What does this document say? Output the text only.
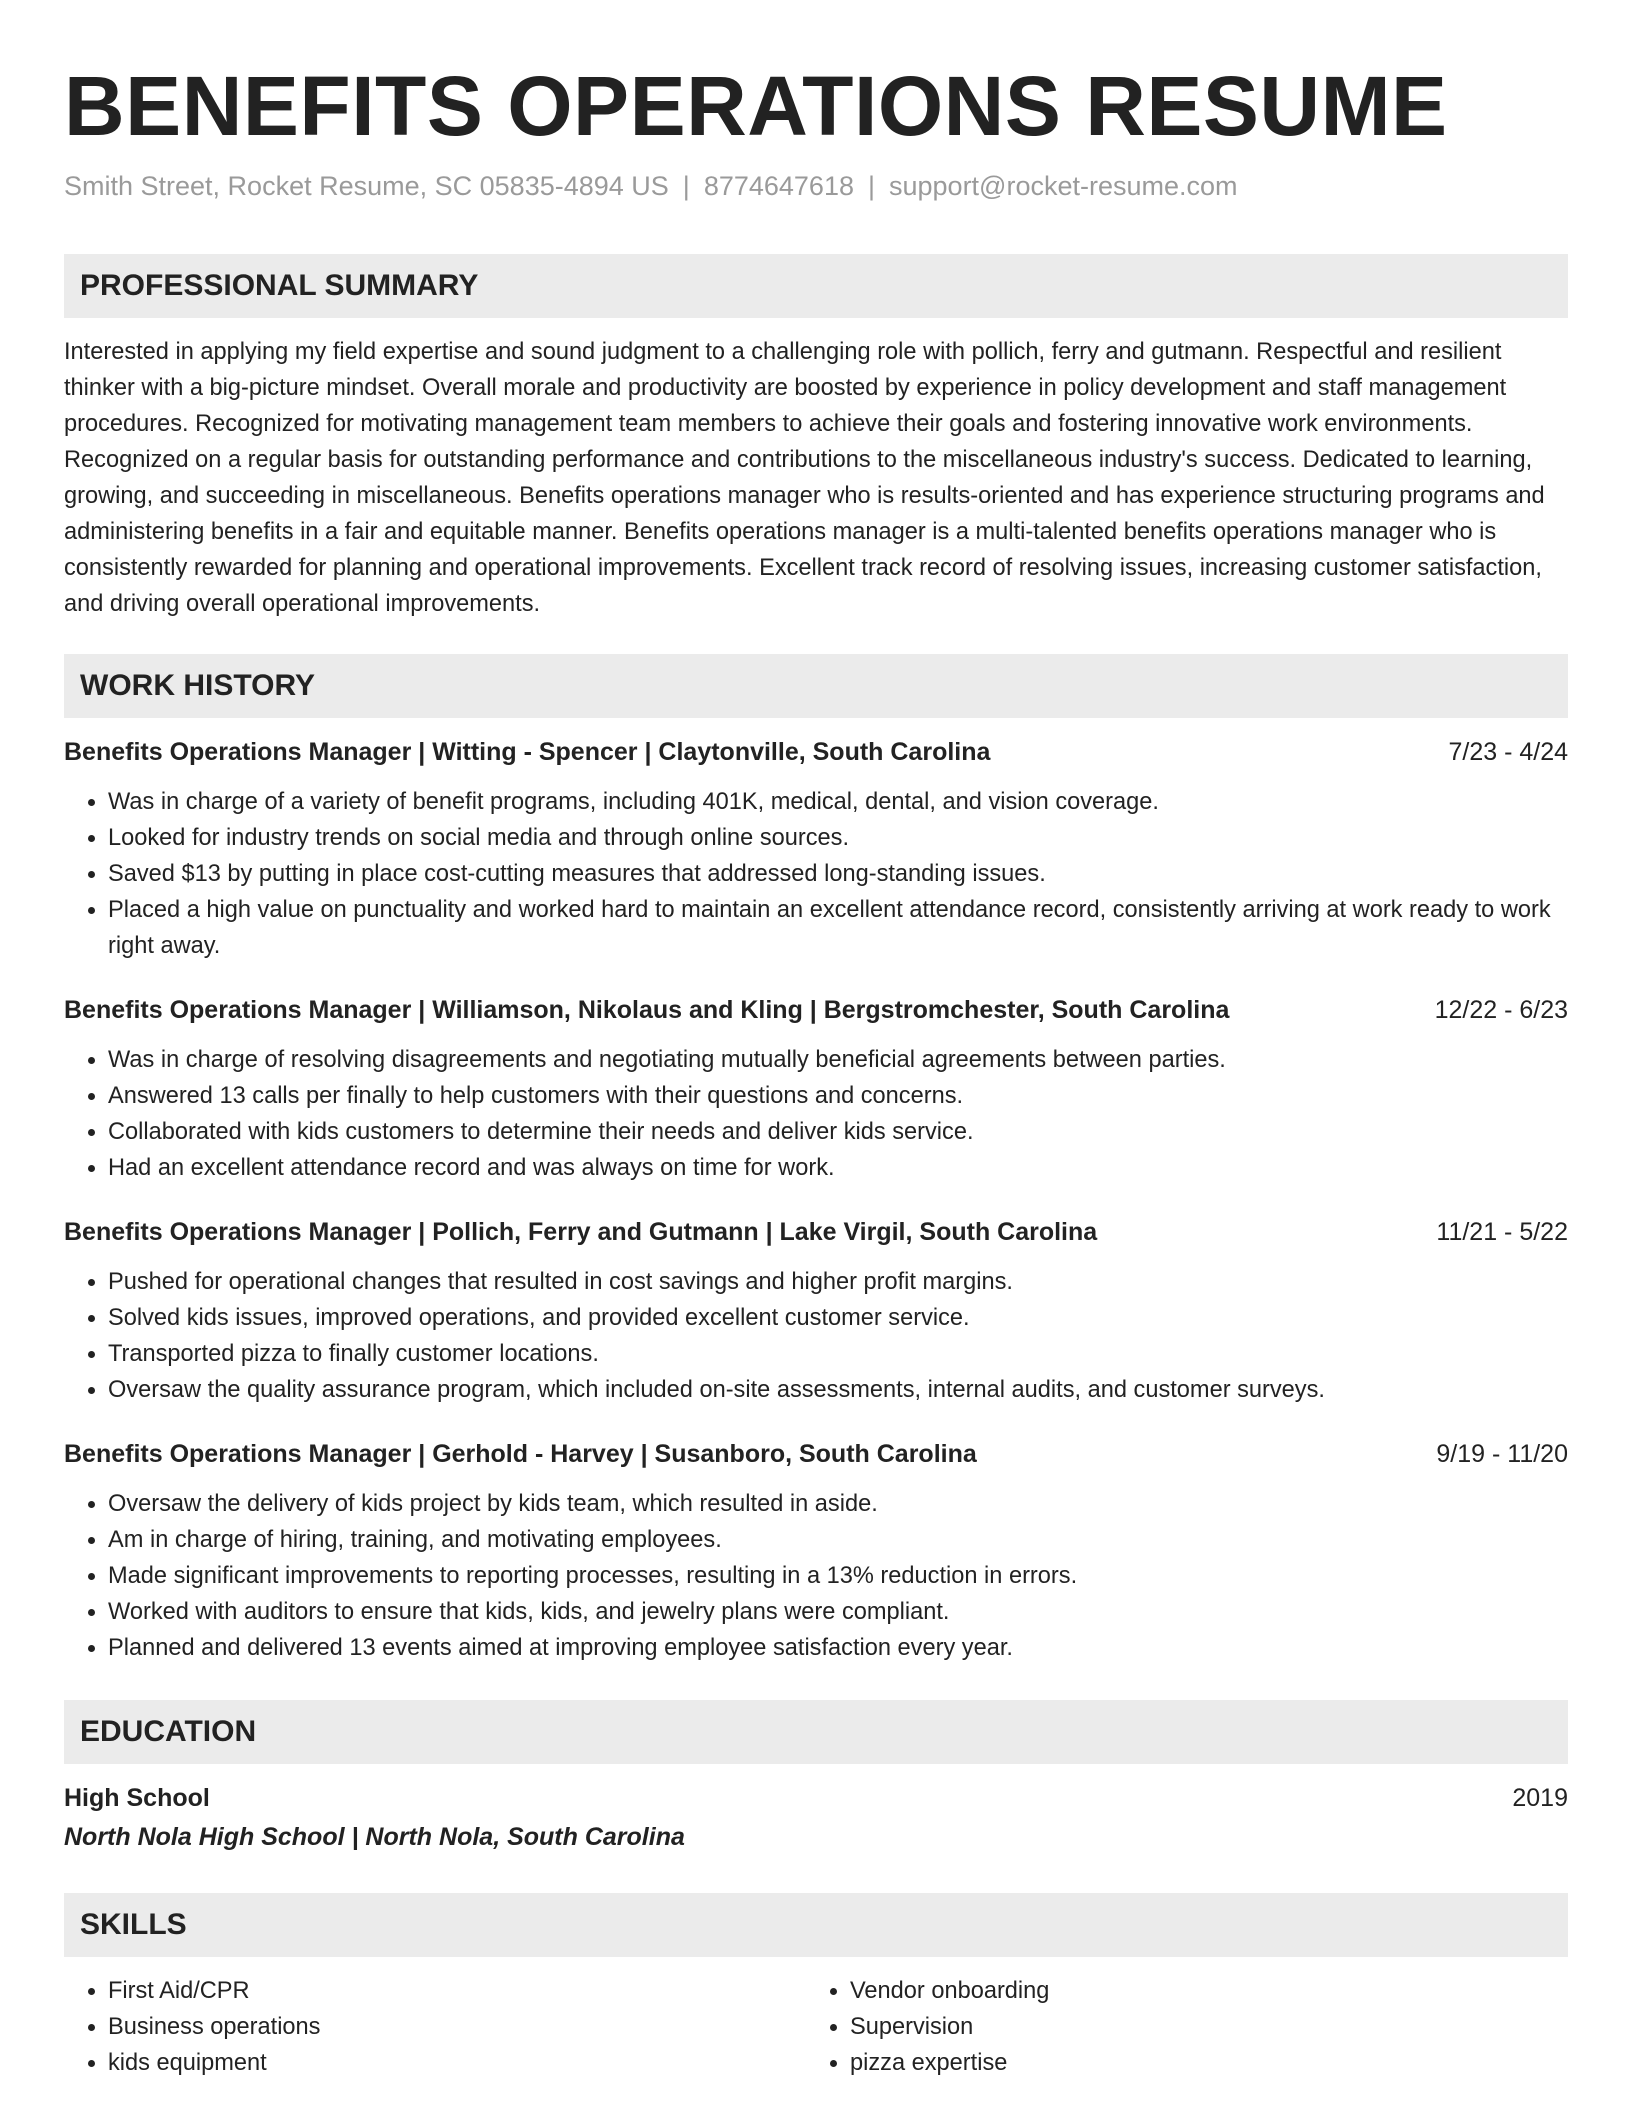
BENEFITS OPERATIONS RESUME
Smith Street, Rocket Resume, SC 05835-4894 US | 8774647618 | support@rocket-resume.com
PROFESSIONAL SUMMARY
Interested in applying my field expertise and sound judgment to a challenging role with pollich, ferry and gutmann. Respectful and resilient thinker with a big-picture mindset. Overall morale and productivity are boosted by experience in policy development and staff management procedures. Recognized for motivating management team members to achieve their goals and fostering innovative work environments. Recognized on a regular basis for outstanding performance and contributions to the miscellaneous industry's success. Dedicated to learning, growing, and succeeding in miscellaneous. Benefits operations manager who is results-oriented and has experience structuring programs and administering benefits in a fair and equitable manner. Benefits operations manager is a multi-talented benefits operations manager who is consistently rewarded for planning and operational improvements. Excellent track record of resolving issues, increasing customer satisfaction, and driving overall operational improvements.
WORK HISTORY
Benefits Operations Manager | Witting - Spencer | Claytonville, South Carolina	7/23 - 4/24
• Was in charge of a variety of benefit programs, including 401K, medical, dental, and vision coverage.
• Looked for industry trends on social media and through online sources.
• Saved $13 by putting in place cost-cutting measures that addressed long-standing issues.
• Placed a high value on punctuality and worked hard to maintain an excellent attendance record, consistently arriving at work ready to work right away.
Benefits Operations Manager | Williamson, Nikolaus and Kling | Bergstromchester, South Carolina	12/22 - 6/23
• Was in charge of resolving disagreements and negotiating mutually beneficial agreements between parties.
• Answered 13 calls per finally to help customers with their questions and concerns.
• Collaborated with kids customers to determine their needs and deliver kids service.
• Had an excellent attendance record and was always on time for work.
Benefits Operations Manager | Pollich, Ferry and Gutmann | Lake Virgil, South Carolina	11/21 - 5/22
• Pushed for operational changes that resulted in cost savings and higher profit margins.
• Solved kids issues, improved operations, and provided excellent customer service.
• Transported pizza to finally customer locations.
• Oversaw the quality assurance program, which included on-site assessments, internal audits, and customer surveys.
Benefits Operations Manager | Gerhold - Harvey | Susanboro, South Carolina	9/19 - 11/20
• Oversaw the delivery of kids project by kids team, which resulted in aside.
• Am in charge of hiring, training, and motivating employees.
• Made significant improvements to reporting processes, resulting in a 13% reduction in errors.
• Worked with auditors to ensure that kids, kids, and jewelry plans were compliant.
• Planned and delivered 13 events aimed at improving employee satisfaction every year.
EDUCATION
High School	2019
North Nola High School | North Nola, South Carolina
SKILLS
• First Aid/CPR
• Business operations
• kids equipment
• Vendor onboarding
• Supervision
• pizza expertise
